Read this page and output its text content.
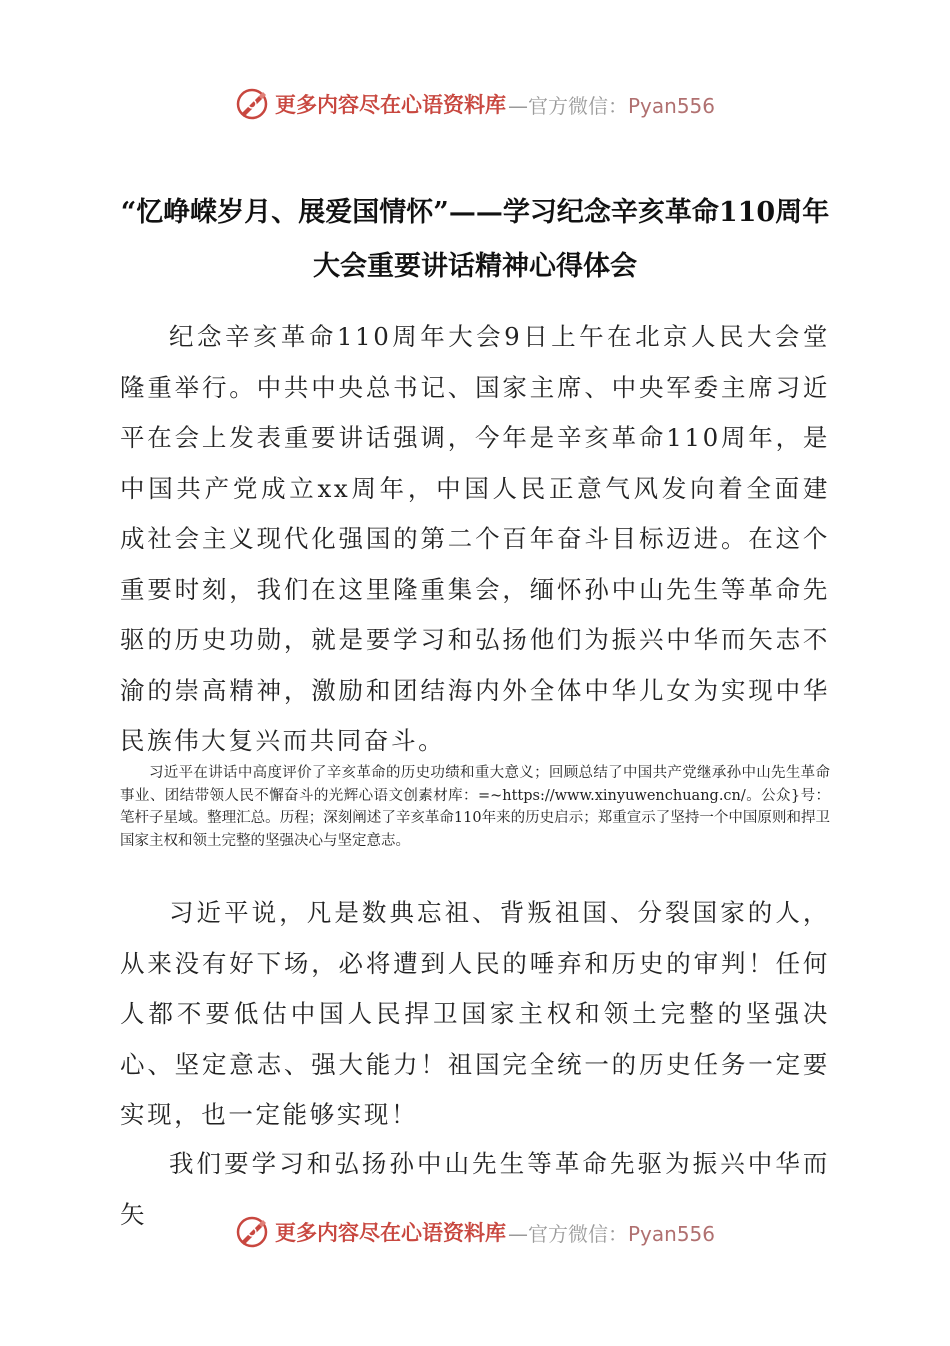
更多内容尽在心语资料库 —官方微信：Pyan556
“忆峥嵘岁月、展爱国情怀”——学习纪念辛亥革命110周年
大会重要讲话精神心得体会

纪念辛亥革命110周年大会9日上午在北京人民大会堂隆重举行。中共中央总书记、国家主席、中央军委主席习近平在会上发表重要讲话强调，今年是辛亥革命110周年，是中国共产党成立xx周年，中国人民正意气风发向着全面建成社会主义现代化强国的第二个百年奋斗目标迈进。在这个重要时刻，我们在这里隆重集会，缅怀孙中山先生等革命先驱的历史功勋，就是要学习和弘扬他们为振兴中华而矢志不渝的崇高精神，激励和团结海内外全体中华儿女为实现中华民族伟大复兴而共同奋斗。

习近平在讲话中高度评价了辛亥革命的历史功绩和重大意义；回顾总结了中国共产党继承孙中山先生革命事业、团结带领人民不懈奋斗的光辉心语文创素材库：=~https://www.xinyuwenchuang.cn/。公众}号：笔杆子星域。整理汇总。历程；深刻阐述了辛亥革命110年来的历史启示；郑重宣示了坚持一个中国原则和捍卫国家主权和领土完整的坚强决心与坚定意志。

习近平说，凡是数典忘祖、背叛祖国、分裂国家的人，从来没有好下场，必将遭到人民的唾弃和历史的审判！任何人都不要低估中国人民捍卫国家主权和领土完整的坚强决心、坚定意志、强大能力！祖国完全统一的历史任务一定要实现，也一定能够实现！

我们要学习和弘扬孙中山先生等革命先驱为振兴中华而矢

更多内容尽在心语资料库 —官方微信：Pyan556
